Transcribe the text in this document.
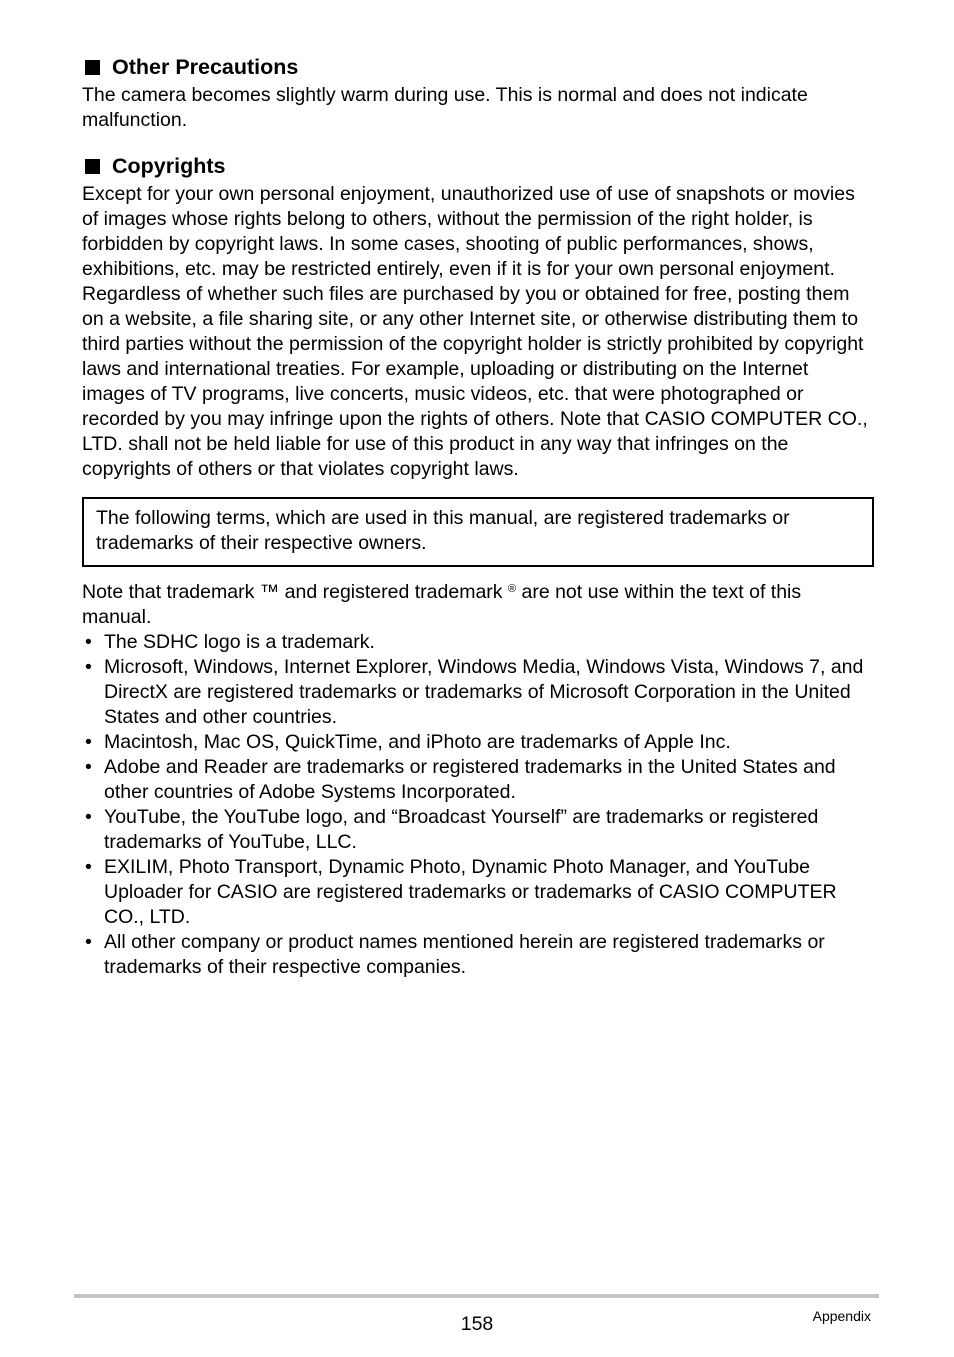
Other Precautions

The camera becomes slightly warm during use. This is normal and does not indicate malfunction.

Copyrights

Except for your own personal enjoyment, unauthorized use of use of snapshots or movies of images whose rights belong to others, without the permission of the right holder, is forbidden by copyright laws. In some cases, shooting of public performances, shows, exhibitions, etc. may be restricted entirely, even if it is for your own personal enjoyment. Regardless of whether such files are purchased by you or obtained for free, posting them on a website, a file sharing site, or any other Internet site, or otherwise distributing them to third parties without the permission of the copyright holder is strictly prohibited by copyright laws and international treaties. For example, uploading or distributing on the Internet images of TV programs, live concerts, music videos, etc. that were photographed or recorded by you may infringe upon the rights of others. Note that CASIO COMPUTER CO., LTD. shall not be held liable for use of this product in any way that infringes on the copyrights of others or that violates copyright laws.

The following terms, which are used in this manual, are registered trademarks or trademarks of their respective owners.
Note that trademark ™ and registered trademark ® are not use within the text of this manual.
• The SDHC logo is a trademark.
• Microsoft, Windows, Internet Explorer, Windows Media, Windows Vista, Windows 7, and DirectX are registered trademarks or trademarks of Microsoft Corporation in the United States and other countries.
• Macintosh, Mac OS, QuickTime, and iPhoto are trademarks of Apple Inc.
• Adobe and Reader are trademarks or registered trademarks in the United States and other countries of Adobe Systems Incorporated.
• YouTube, the YouTube logo, and “Broadcast Yourself” are trademarks or registered trademarks of YouTube, LLC.
• EXILIM, Photo Transport, Dynamic Photo, Dynamic Photo Manager, and YouTube Uploader for CASIO are registered trademarks or trademarks of CASIO COMPUTER CO., LTD.
• All other company or product names mentioned herein are registered trademarks or trademarks of their respective companies.
158	Appendix
